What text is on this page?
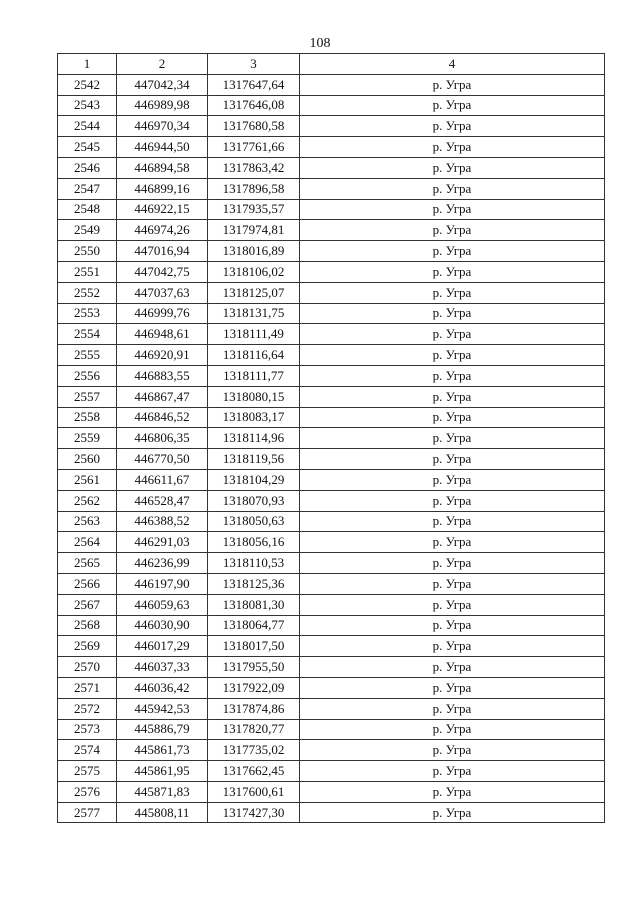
108
1	2	3	4
2542	447042,34	1317647,64	р. Угра
2543	446989,98	1317646,08	р. Угра
2544	446970,34	1317680,58	р. Угра
2545	446944,50	1317761,66	р. Угра
2546	446894,58	1317863,42	р. Угра
2547	446899,16	1317896,58	р. Угра
2548	446922,15	1317935,57	р. Угра
2549	446974,26	1317974,81	р. Угра
2550	447016,94	1318016,89	р. Угра
2551	447042,75	1318106,02	р. Угра
2552	447037,63	1318125,07	р. Угра
2553	446999,76	1318131,75	р. Угра
2554	446948,61	1318111,49	р. Угра
2555	446920,91	1318116,64	р. Угра
2556	446883,55	1318111,77	р. Угра
2557	446867,47	1318080,15	р. Угра
2558	446846,52	1318083,17	р. Угра
2559	446806,35	1318114,96	р. Угра
2560	446770,50	1318119,56	р. Угра
2561	446611,67	1318104,29	р. Угра
2562	446528,47	1318070,93	р. Угра
2563	446388,52	1318050,63	р. Угра
2564	446291,03	1318056,16	р. Угра
2565	446236,99	1318110,53	р. Угра
2566	446197,90	1318125,36	р. Угра
2567	446059,63	1318081,30	р. Угра
2568	446030,90	1318064,77	р. Угра
2569	446017,29	1318017,50	р. Угра
2570	446037,33	1317955,50	р. Угра
2571	446036,42	1317922,09	р. Угра
2572	445942,53	1317874,86	р. Угра
2573	445886,79	1317820,77	р. Угра
2574	445861,73	1317735,02	р. Угра
2575	445861,95	1317662,45	р. Угра
2576	445871,83	1317600,61	р. Угра
2577	445808,11	1317427,30	р. Угра
